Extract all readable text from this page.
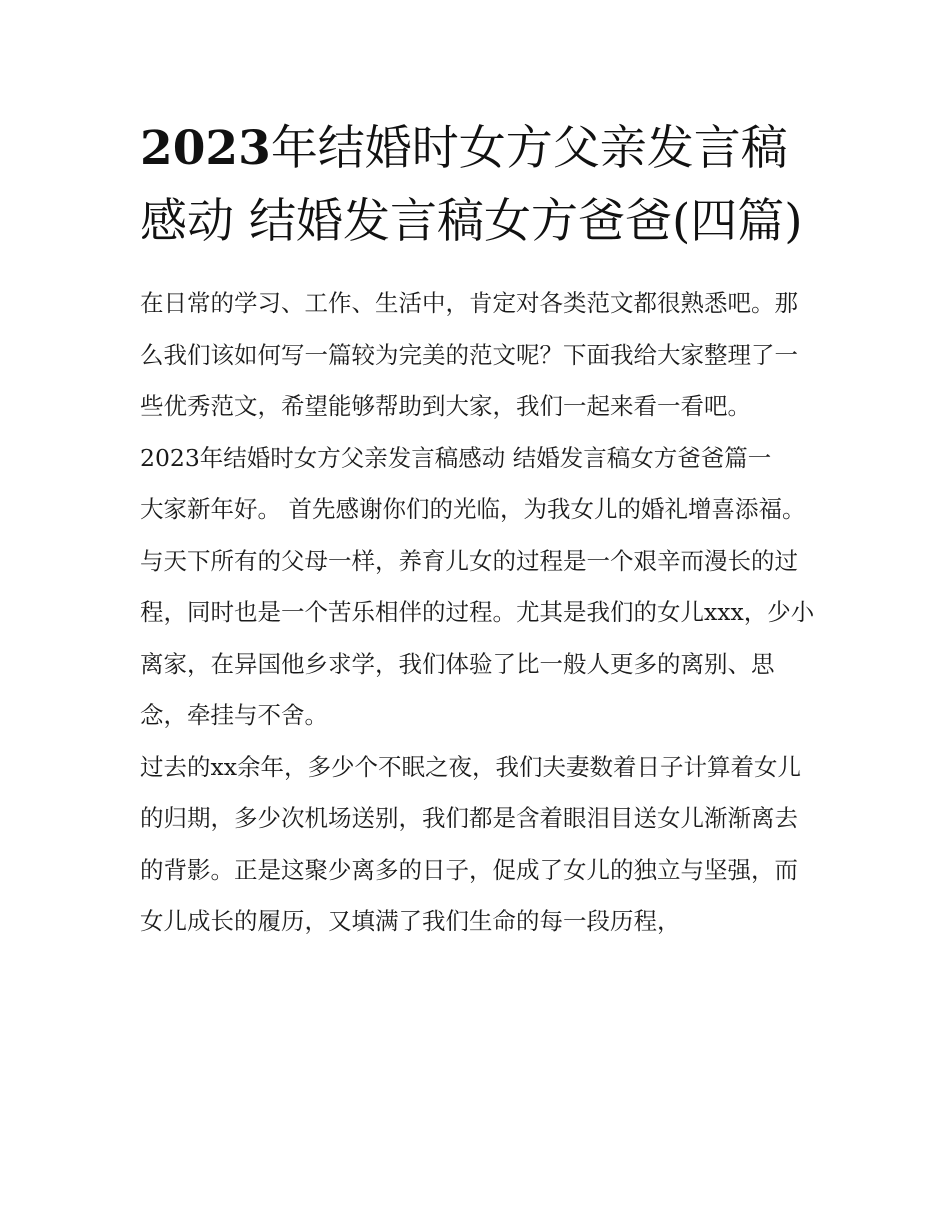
2023年结婚时女方父亲发言稿感动 结婚发言稿女方爸爸(四篇)

在日常的学习、工作、生活中，肯定对各类范文都很熟悉吧。那么我们该如何写一篇较为完美的范文呢？下面我给大家整理了一些优秀范文，希望能够帮助到大家，我们一起来看一看吧。

2023年结婚时女方父亲发言稿感动 结婚发言稿女方爸爸篇一

大家新年好。 首先感谢你们的光临，为我女儿的婚礼增喜添福。

与天下所有的父母一样，养育儿女的过程是一个艰辛而漫长的过程，同时也是一个苦乐相伴的过程。尤其是我们的女儿xxx，少小离家，在异国他乡求学，我们体验了比一般人更多的离别、思念，牵挂与不舍。

过去的xx余年，多少个不眠之夜，我们夫妻数着日子计算着女儿的归期，多少次机场送别，我们都是含着眼泪目送女儿渐渐离去的背影。正是这聚少离多的日子，促成了女儿的独立与坚强，而女儿成长的履历，又填满了我们生命的每一段历程，
